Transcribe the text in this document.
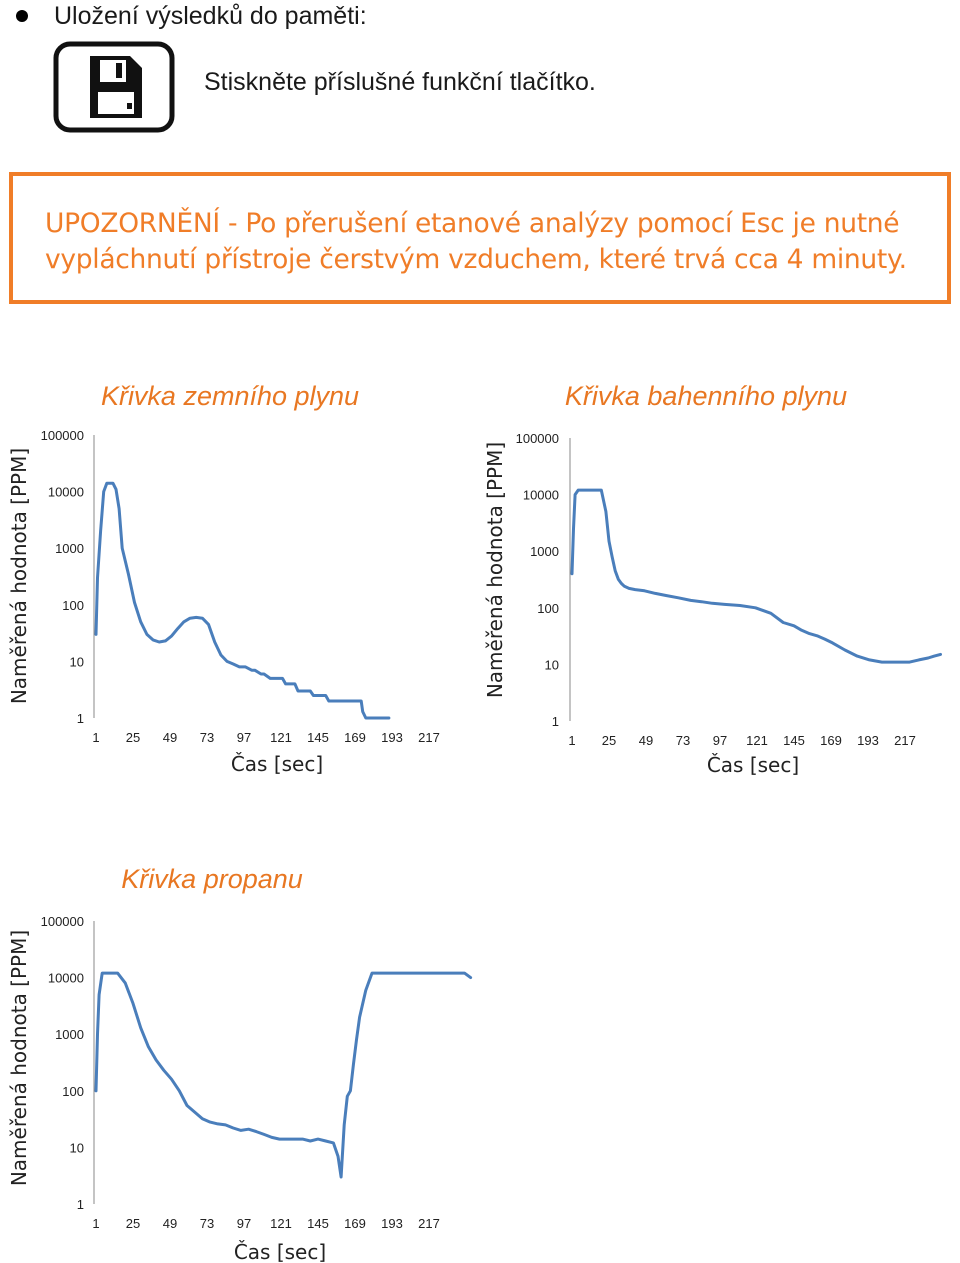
Uložení výsledků do paměti:
Stiskněte příslušné funkční tlačítko.
UPOZORNĚNÍ - Po přerušení etanové analýzy pomocí Esc je nutné
vypláchnutí přístroje čerstvým vzduchem, které trvá cca 4 minuty.
Křivka zemního plynu
1
10
100
1000
10000
100000
1 25 49 73 97 121 145 169 193 217
Čas [sec]
Naměřená hodnota [PPM]
Křivka bahenního plynu
1
10
100
1000
10000
100000
1 25 49 73 97 121 145 169 193 217
Čas [sec]
Naměřená hodnota [PPM]
Křivka propanu
1
10
100
1000
10000
100000
1 25 49 73 97 121 145 169 193 217
Čas [sec]
Naměřená hodnota [PPM]
